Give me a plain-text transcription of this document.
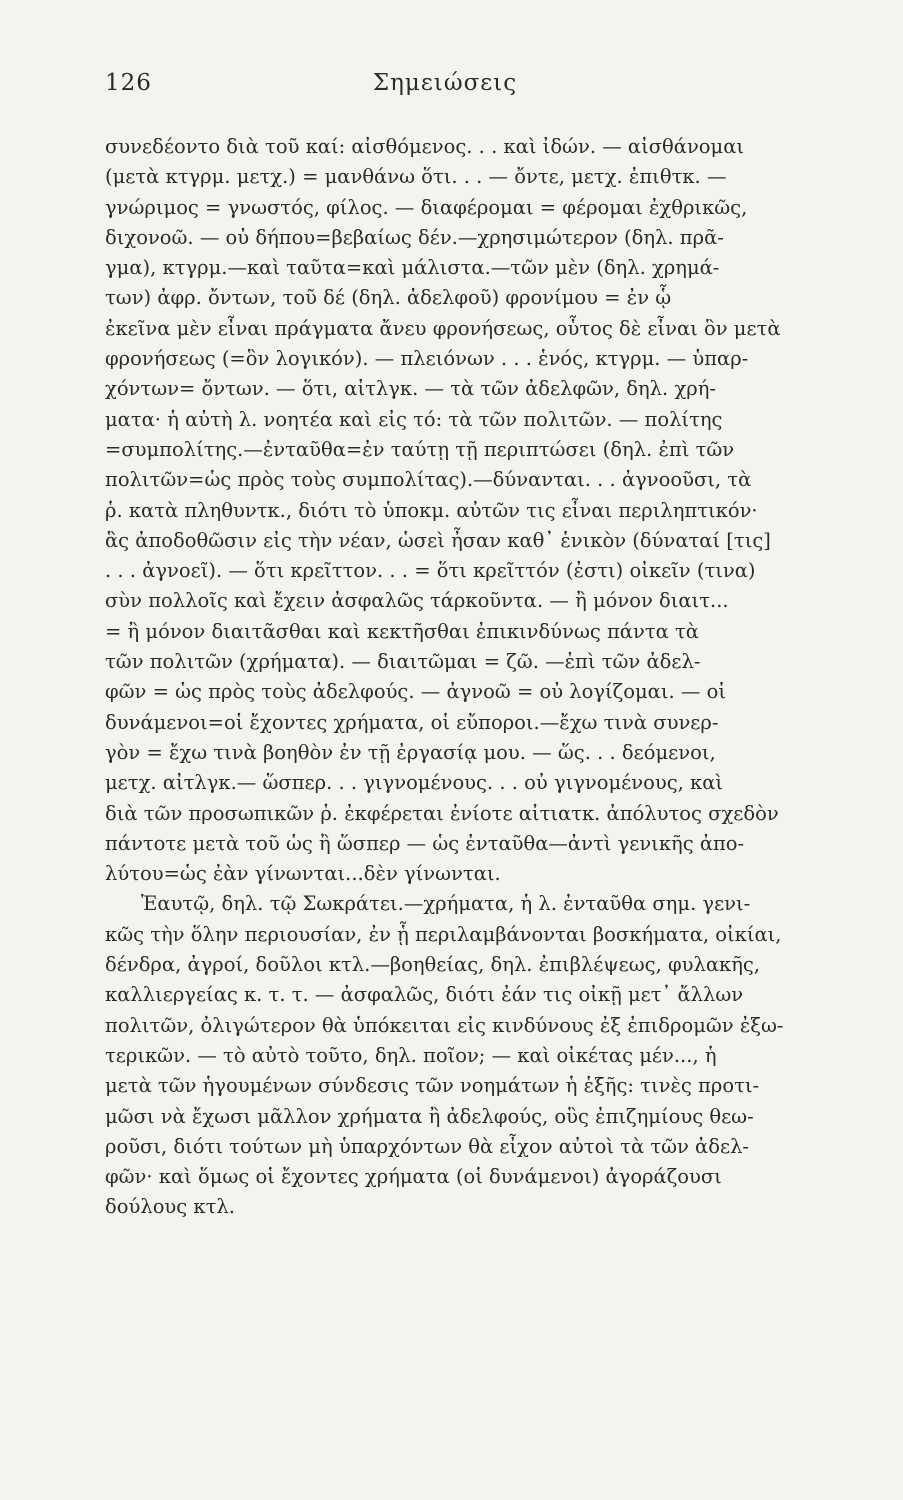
126	Σημειώσεις

συνεδέοντο διὰ τοῦ καί: αἰσθόμενος. . . καὶ ἰδών. — αἰσθάνομαι
(μετὰ κτγρμ. μετχ.) = μανθάνω ὅτι. . . — ὄντε, μετχ. ἐπιθτκ. —
γνώριμος = γνωστός, φίλος. — διαφέρομαι = φέρομαι ἐχθρικῶς,
διχονοῶ. — οὐ δήπου=βεβαίως δέν.—χρησιμώτερον (δηλ. πρᾶ-
γμα), κτγρμ.—καὶ ταῦτα=καὶ μάλιστα.—τῶν μὲν (δηλ. χρημά-
των) ἀφρ. ὄντων, τοῦ δέ (δηλ. ἀδελφοῦ) φρονίμου = ἐν ᾧ
ἐκεῖνα μὲν εἶναι πράγματα ἄνευ φρονήσεως, οὗτος δὲ εἶναι ὃν μετὰ
φρονήσεως (=ὃν λογικόν). — πλειόνων . . . ἑνός, κτγρμ. — ὑπαρ-
χόντων= ὄντων. — ὅτι, αἰτλγκ. — τὰ τῶν ἀδελφῶν, δηλ. χρή-
ματα· ἡ αὐτὴ λ. νοητέα καὶ εἰς τό: τὰ τῶν πολιτῶν. — πολίτης
=συμπολίτης.—ἐνταῦθα=ἐν ταύτῃ τῇ περιπτώσει (δηλ. ἐπὶ τῶν
πολιτῶν=ὡς πρὸς τοὺς συμπολίτας).—δύνανται. . . ἀγνοοῦσι, τὰ
ῥ. κατὰ πληθυντκ., διότι τὸ ὑποκμ. αὐτῶν τις εἶναι περιληπτικόν·
ἃς ἀποδοθῶσιν εἰς τὴν νέαν, ὡσεὶ ἦσαν καθ᾽ ἑνικὸν (δύναταί [τις]
. . . ἀγνοεῖ). — ὅτι κρεῖττον. . . = ὅτι κρεῖττόν (ἐστι) οἰκεῖν (τινα)
σὺν πολλοῖς καὶ ἔχειν ἀσφαλῶς τάρκοῦντα. — ἢ μόνον διαιτ...
= ἢ μόνον διαιτᾶσθαι καὶ κεκτῆσθαι ἐπικινδύνως πάντα τὰ
τῶν πολιτῶν (χρήματα). — διαιτῶμαι = ζῶ. —ἐπὶ τῶν ἀδελ-
φῶν = ὡς πρὸς τοὺς ἀδελφούς. — ἀγνοῶ = οὐ λογίζομαι. — οἱ
δυνάμενοι=οἱ ἔχοντες χρήματα, οἱ εὔποροι.—ἔχω τινὰ συνερ-
γὸν = ἔχω τινὰ βοηθὸν ἐν τῇ ἐργασίᾳ μου. — ὥς. . . δεόμενοι,
μετχ. αἰτλγκ.— ὥσπερ. . . γιγνομένους. . . οὐ γιγνομένους, καὶ
διὰ τῶν προσωπικῶν ῥ. ἐκφέρεται ἐνίοτε αἰτιατκ. ἀπόλυτος σχεδὸν
πάντοτε μετὰ τοῦ ὡς ἢ ὥσπερ — ὡς ἐνταῦθα—ἀντὶ γενικῆς ἀπο-
λύτου=ὡς ἐὰν γίνωνται...δὲν γίνωνται.

Ἑαυτῷ, δηλ. τῷ Σωκράτει.—χρήματα, ἡ λ. ἐνταῦθα σημ. γενι-
κῶς τὴν ὅλην περιουσίαν, ἐν ᾗ περιλαμβάνονται βοσκήματα, οἰκίαι,
δένδρα, ἀγροί, δοῦλοι κτλ.—βοηθείας, δηλ. ἐπιβλέψεως, φυλακῆς,
καλλιεργείας κ. τ. τ. — ἀσφαλῶς, διότι ἐάν τις οἰκῇ μετ᾽ ἄλλων
πολιτῶν, ὀλιγώτερον θὰ ὑπόκειται εἰς κινδύνους ἐξ ἐπιδρομῶν ἐξω-
τερικῶν. — τὸ αὐτὸ τοῦτο, δηλ. ποῖον; — καὶ οἰκέτας μέν..., ἡ
μετὰ τῶν ἡγουμένων σύνδεσις τῶν νοημάτων ἡ ἑξῆς: τινὲς προτι-
μῶσι νὰ ἔχωσι μᾶλλον χρήματα ἢ ἀδελφούς, οὓς ἐπιζημίους θεω-
ροῦσι, διότι τούτων μὴ ὑπαρχόντων θὰ εἶχον αὐτοὶ τὰ τῶν ἀδελ-
φῶν· καὶ ὅμως οἱ ἔχοντες χρήματα (οἱ δυνάμενοι) ἀγοράζουσι
δούλους κτλ.
